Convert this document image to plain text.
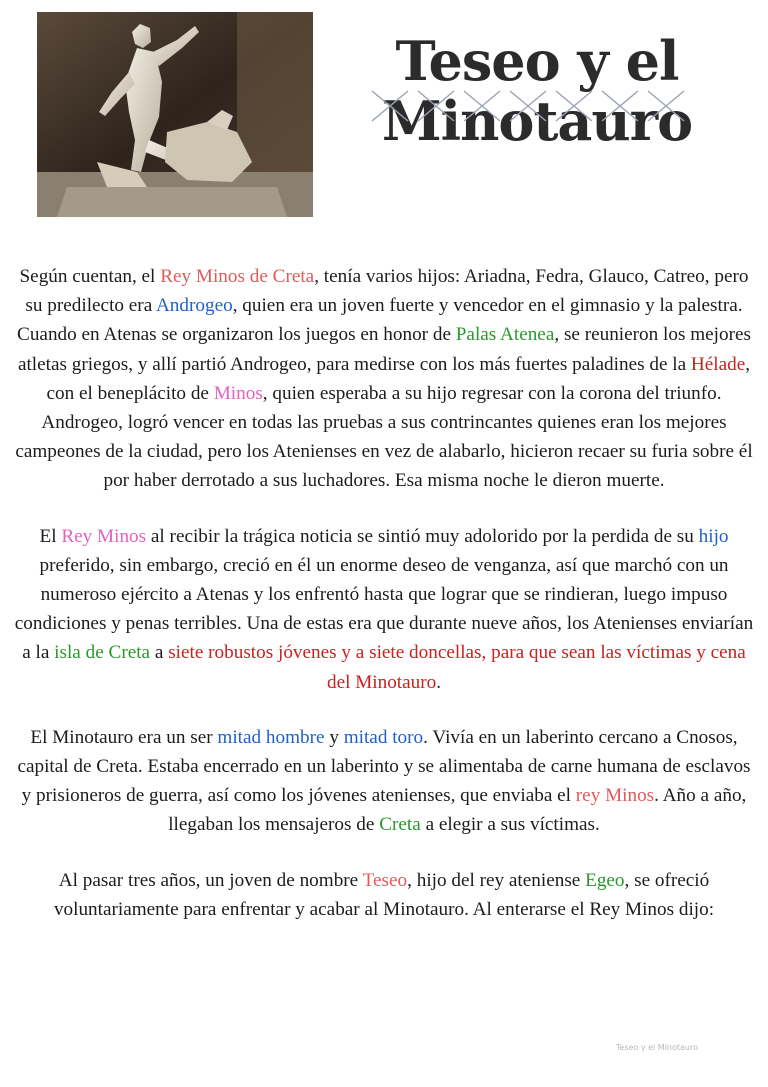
Teseo y el
Minotauro

Según cuentan, el Rey Minos de Creta, tenía varios hijos: Ariadna, Fedra, Glauco, Catreo, pero su predilecto era Androgeo, quien era un joven fuerte y vencedor en el gimnasio y la palestra. Cuando en Atenas se organizaron los juegos en honor de Palas Atenea, se reunieron los mejores atletas griegos, y allí partió Androgeo, para medirse con los más fuertes paladines de la Hélade, con el beneplácito de Minos, quien esperaba a su hijo regresar con la corona del triunfo. Androgeo, logró vencer en todas las pruebas a sus contrincantes quienes eran los mejores campeones de la ciudad, pero los Atenienses en vez de alabarlo, hicieron recaer su furia sobre él por haber derrotado a sus luchadores. Esa misma noche le dieron muerte.

El Rey Minos al recibir la trágica noticia se sintió muy adolorido por la perdida de su hijo preferido, sin embargo, creció en él un enorme deseo de venganza, así que marchó con un numeroso ejército a Atenas y los enfrentó hasta que lograr que se rindieran, luego impuso condiciones y penas terribles. Una de estas era que durante nueve años, los Atenienses enviarían a la isla de Creta a siete robustos jóvenes y a siete doncellas, para que sean las víctimas y cena del Minotauro.

El Minotauro era un ser mitad hombre y mitad toro. Vivía en un laberinto cercano a Cnosos, capital de Creta. Estaba encerrado en un laberinto y se alimentaba de carne humana de esclavos y prisioneros de guerra, así como los jóvenes atenienses, que enviaba el rey Minos. Año a año, llegaban los mensajeros de Creta a elegir a sus víctimas.

Al pasar tres años, un joven de nombre Teseo, hijo del rey ateniense Egeo, se ofreció voluntariamente para enfrentar y acabar al Minotauro. Al enterarse el Rey Minos dijo:

Teseo y el Minotauro
